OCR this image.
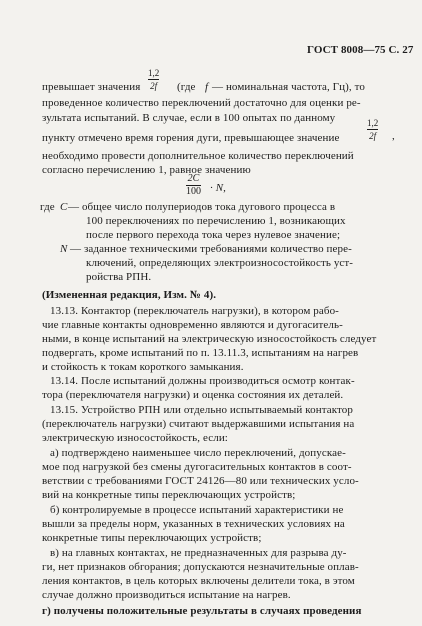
ГОСТ 8008—75 С. 27
превышает значения
1,2
2f (где f — номинальная частота, Гц), то
проведенное количество переключений достаточно для оценки ре-
зультата испытаний. В случае, если в 100 опытах по данному
пункту отмечено время горения дуги, превышающее значение
1,2
2f ,
необходимо провести дополнительное количество переключений
согласно перечислению 1, равное значению
2C
100 · N,
где C — общее число полупериодов тока дугового процесса в
100 переключениях по перечислению 1, возникающих
после первого перехода тока через нулевое значение;
N — заданное техническими требованиями количество пере-
ключений, определяющих электроизносостойкость уст-
ройства РПН.
(Измененная редакция, Изм. № 4).
13.13. Контактор (переключатель нагрузки), в котором рабо-
чие главные контакты одновременно являются и дугогаситель-
ными, в конце испытаний на электрическую износостойкость следует
подвергать, кроме испытаний по п. 13.11.3, испытаниям на нагрев
и стойкость к токам короткого замыкания.
13.14. После испытаний должны производиться осмотр контак-
тора (переключателя нагрузки) и оценка состояния их деталей.
13.15. Устройство РПН или отдельно испытываемый контактор
(переключатель нагрузки) считают выдержавшими испытания на
электрическую износостойкость, если:
а) подтверждено наименьшее число переключений, допускае-
мое под нагрузкой без смены дугогасительных контактов в соот-
ветствии с требованиями ГОСТ 24126—80 или технических усло-
вий на конкретные типы переключающих устройств;
б) контролируемые в процессе испытаний характеристики не
вышли за пределы норм, указанных в технических условиях на
конкретные типы переключающих устройств;
в) на главных контактах, не предназначенных для разрыва ду-
ги, нет признаков обгорания; допускаются незначительные оплав-
ления контактов, в цель которых включены делители тока, в этом
случае должно производиться испытание на нагрев.
г) получены положительные результаты в случаях проведения
